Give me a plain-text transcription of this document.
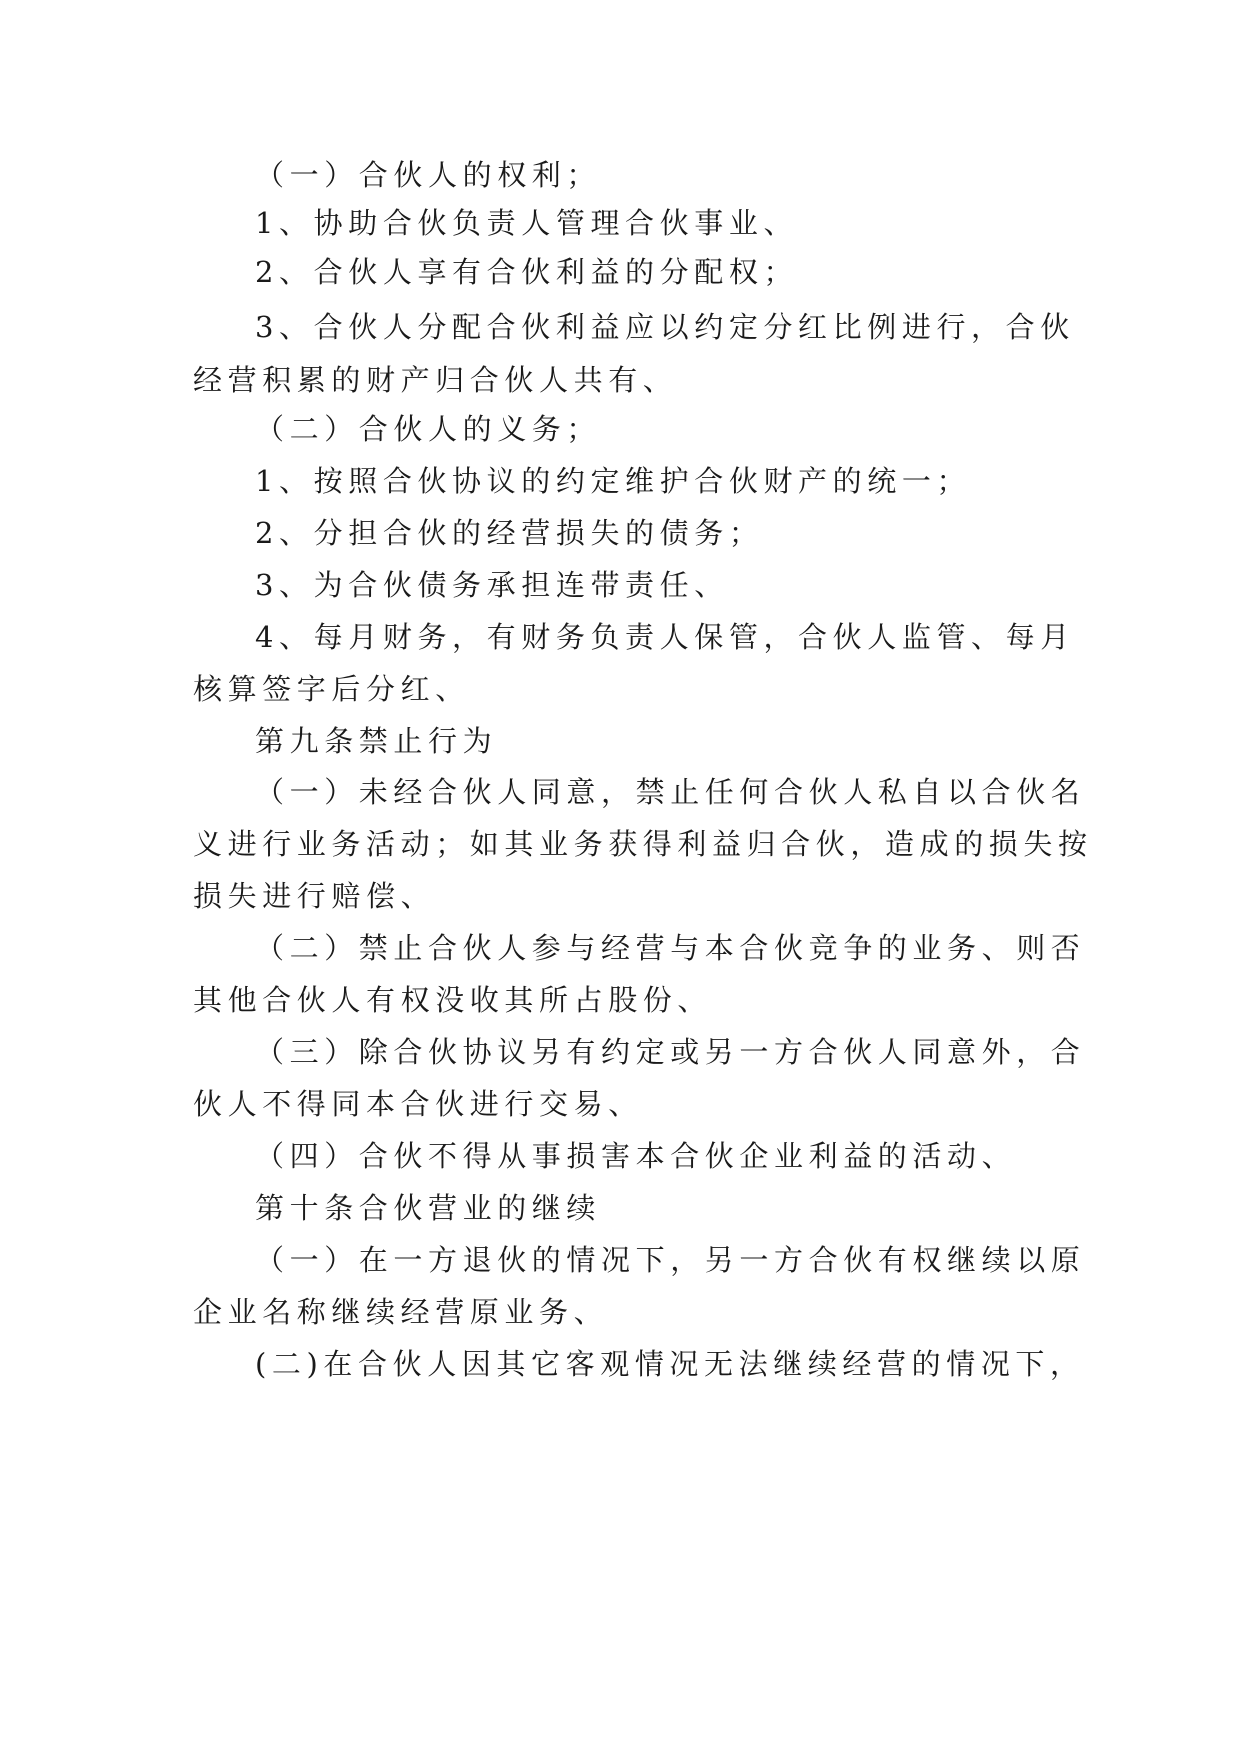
（一）合伙人的权利；
1、协助合伙负责人管理合伙事业、
2、合伙人享有合伙利益的分配权；
3、合伙人分配合伙利益应以约定分红比例进行，合伙
经营积累的财产归合伙人共有、
（二）合伙人的义务；
1、按照合伙协议的约定维护合伙财产的统一；
2、分担合伙的经营损失的债务；
3、为合伙债务承担连带责任、
4、每月财务，有财务负责人保管，合伙人监管、每月
核算签字后分红、
第九条禁止行为
（一）未经合伙人同意，禁止任何合伙人私自以合伙名
义进行业务活动；如其业务获得利益归合伙，造成的损失按
损失进行赔偿、
（二）禁止合伙人参与经营与本合伙竞争的业务、则否
其他合伙人有权没收其所占股份、
（三）除合伙协议另有约定或另一方合伙人同意外，合
伙人不得同本合伙进行交易、
（四）合伙不得从事损害本合伙企业利益的活动、
第十条合伙营业的继续
（一）在一方退伙的情况下，另一方合伙有权继续以原
企业名称继续经营原业务、
(二)在合伙人因其它客观情况无法继续经营的情况下，
